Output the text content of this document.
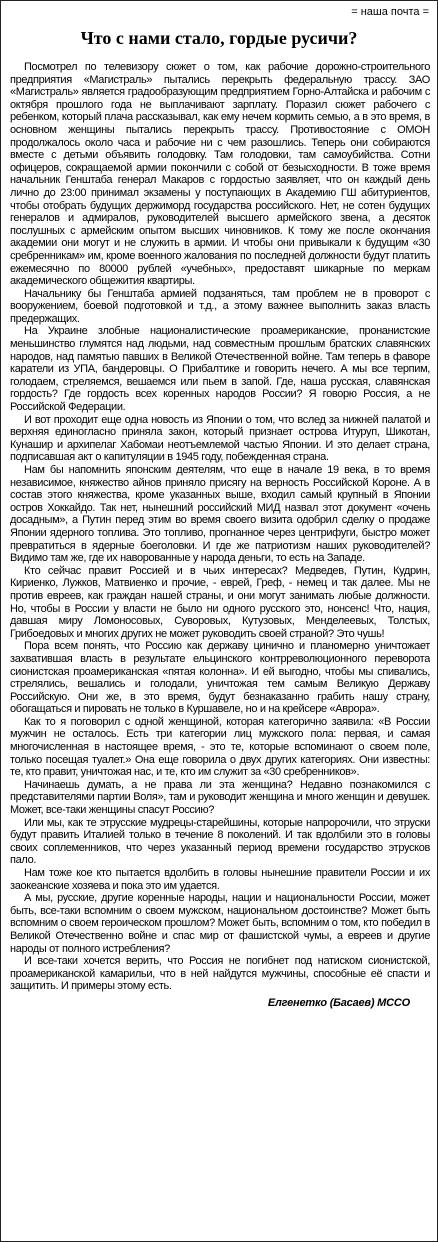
= наша почта =
Что с нами стало, гордые русичи?

Посмотрел по телевизору сюжет о том, как рабочие дорожно-строительного предприятия «Магистраль» пытались перекрыть федеральную трассу. ЗАО «Магистраль» является градообразующим предприятием Горно-Алтайска и рабочим с октября прошлого года не выплачивают зарплату. Поразил сюжет рабочего с ребенком, который плача рассказывал, как ему нечем кормить семью, а в это время, в основном женщины пытались перекрыть трассу. Противостояние с ОМОН продолжалось около часа и рабочие ни с чем разошлись. Теперь они собираются вместе с детьми объявить голодовку. Там голодовки, там самоубийства. Сотни офицеров, сокращаемой армии покончили с собой от безысходности. В тоже время начальник Генштаба генерал Макаров с гордостью заявляет, что он каждый день лично до 23:00 принимал экзамены у поступающих в Академию ГШ абитуриентов, чтобы отобрать будущих держиморд государства российского. Нет, не сотен будущих генералов и адмиралов, руководителей высшего армейского звена, а десяток послушных с армейским опытом высших чиновников. К тому же после окончания академии они могут и не служить в армии. И чтобы они привыкали к будущим «30 сребренникам» им, кроме военного жалования по последней должности будут платить ежемесячно по 80000 рублей «учебных», предоставят шикарные по меркам академического общежития квартиры.

Начальнику бы Генштаба армией подзаняться, там проблем не в проворот с вооружением, боевой подготовкой и т.д., а этому важнее выполнить заказ власть предержащих.

На Украине злобные националистические проамериканские, пронанистские меньшинство глумятся над людьми, над совместным прошлым братских славянских народов, над памятью павших в Великой Отечественной войне. Там теперь в фаворе каратели из УПА, бандеровцы. О Прибалтике и говорить нечего. А мы все терпим, голодаем, стреляемся, вешаемся или пьем в запой. Где, наша русская, славянская гордость? Где гордость всех коренных народов России? Я говорю Россия, а не Российской Федерации.

И вот проходит еще одна новость из Японии о том, что вслед за нижней палатой и верхняя единогласно приняла закон, который признает острова Итуруп, Шикотан, Кунашир и архипелаг Хабомаи неотъемлемой частью Японии. И это делает страна, подписавшая акт о капитуляции в 1945 году, побежденная страна.

Нам бы напомнить японским деятелям, что еще в начале 19 века, в то время независимое, княжество айнов приняло присягу на верность Российской Короне. А в состав этого княжества, кроме указанных выше, входил самый крупный в Японии остров Хоккайдо. Так нет, нынешний российский МИД назвал этот документ «очень досадным», а Путин перед этим во время своего визита одобрил сделку о продаже Японии ядерного топлива. Это топливо, прогнанное через центрифуги, быстро может превратиться в ядерные боеголовки. И где же патриотизм наших руководителей? Видимо там же, где их наворованные у народа деньги, то есть на Западе.

Кто сейчас правит Россией и в чьих интересах? Медведев, Путин, Кудрин, Кириенко, Лужков, Матвиенко и прочие, - еврей, Греф, - немец и так далее. Мы не против евреев, как граждан нашей страны, и они могут занимать любые должности. Но, чтобы в России у власти не было ни одного русского это, нонсенс! Что, нация, давшая миру Ломоносовых, Суворовых, Кутузовых, Менделеевых, Толстых, Грибоедовых и многих других не может руководить своей страной? Это чушь!

Пора всем понять, что Россию как державу цинично и планомерно уничтожает захватившая власть в результате ельцинского контрреволюционного переворота сионистская проамериканская «пятая колонна». И ей выгодно, чтобы мы спивались, стрелялись, вешались и голодали, уничтожая тем самым Великую Державу Российскую. Они же, в это время, будут безнаказанно грабить нашу страну, обогащаться и пировать не только в Куршавеле, но и на крейсере «Аврора».

Как то я поговорил с одной женщиной, которая категорично заявила: «В России мужчин не осталось. Есть три категории лиц мужского пола: первая, и самая многочисленная в настоящее время, - это те, которые вспоминают о своем поле, только посещая туалет.» Она еще говорила о двух других категориях. Они известны: те, кто правит, уничтожая нас, и те, кто им служит за «30 сребренников».

Начинаешь думать, а не права ли эта женщина? Недавно познакомился с представителями партии Воля», там и руководит женщина и много женщин и девушек. Может, все-таки женщины спасут Россию?

Или мы, как те этрусские мудрецы-старейшины, которые напророчили, что этруски будут править Италией только в течение 8 поколений. И так вдолбили это в головы своих соплеменников, что через указанный период времени государство этрусков пало.

Нам тоже кое кто пытается вдолбить в головы нынешние правители России и их заокеанские хозяева и пока это им удается.

А мы, русские, другие коренные народы, нации и национальности России, может быть, все-таки вспомним о своем мужском, национальном достоинстве? Может быть вспомним о своем героическом прошлом? Может быть, вспомним о том, кто победил в Великой Отечественно войне и спас мир от фашистской чумы, а евреев и другие народы от полного истребления?

И все-таки хочется верить, что Россия не погибнет под натиском сионистской, проамериканской камарильи, что в ней найдутся мужчины, способные её спасти и защитить. И примеры этому есть.

Елгенетко (Басаев) МССО
